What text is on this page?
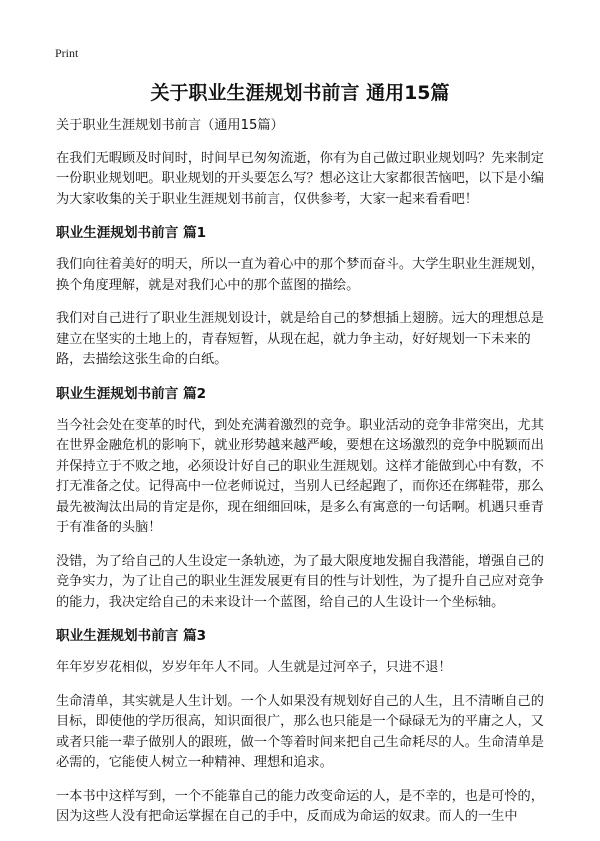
Print
关于职业生涯规划书前言 通用15篇

关于职业生涯规划书前言（通用15篇）

在我们无暇顾及时间时，时间早已匆匆流逝，你有为自己做过职业规划吗？先来制定一份职业规划吧。职业规划的开头要怎么写？想必这让大家都很苦恼吧，以下是小编为大家收集的关于职业生涯规划书前言，仅供参考，大家一起来看看吧！

职业生涯规划书前言 篇1

我们向往着美好的明天，所以一直为着心中的那个梦而奋斗。大学生职业生涯规划，换个角度理解，就是对我们心中的那个蓝图的描绘。

我们对自己进行了职业生涯规划设计，就是给自己的梦想插上翅膀。远大的理想总是建立在坚实的土地上的，青春短暂，从现在起，就力争主动，好好规划一下未来的路，去描绘这张生命的白纸。

职业生涯规划书前言 篇2

当今社会处在变革的时代，到处充满着激烈的竞争。职业活动的竞争非常突出，尤其在世界金融危机的影响下，就业形势越来越严峻，要想在这场激烈的竞争中脱颖而出并保持立于不败之地，必须设计好自己的职业生涯规划。这样才能做到心中有数，不打无准备之仗。记得高中一位老师说过，当别人已经起跑了，而你还在绑鞋带，那么最先被淘汰出局的肯定是你，现在细细回味，是多么有寓意的一句话啊。机遇只垂青于有准备的头脑！

没错，为了给自己的人生设定一条轨迹，为了最大限度地发掘自我潜能，增强自己的竞争实力，为了让自己的职业生涯发展更有目的性与计划性，为了提升自己应对竞争的能力，我决定给自己的未来设计一个蓝图，给自己的人生设计一个坐标轴。

职业生涯规划书前言 篇3

年年岁岁花相似，岁岁年年人不同。人生就是过河卒子，只进不退！

生命清单，其实就是人生计划。一个人如果没有规划好自己的人生，且不清晰自己的目标，即使他的学历很高，知识面很广，那么也只能是一个碌碌无为的平庸之人，又或者只能一辈子做别人的跟班，做一个等着时间来把自己生命耗尽的人。生命清单是必需的，它能使人树立一种精神、理想和追求。

一本书中这样写到，一个不能靠自己的能力改变命运的人，是不幸的，也是可怜的，因为这些人没有把命运掌握在自己的手中，反而成为命运的奴隶。而人的一生中
